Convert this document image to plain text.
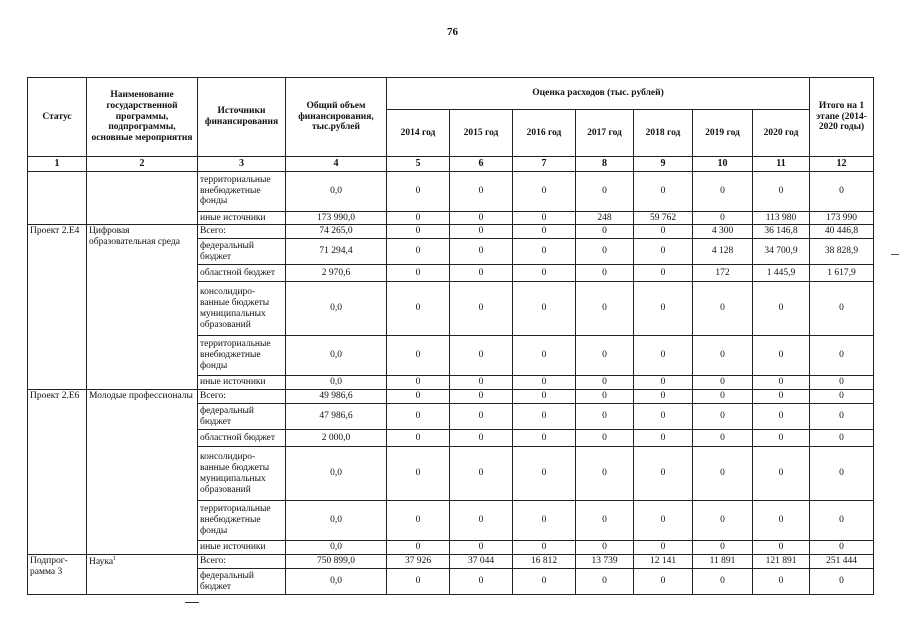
76
Статус	Наименование государственной программы, подпрограммы, основные мероприятия	Источники финансирования	Общий объем финансирования, тыс.рублей	Оценка расходов (тыс. рублей)							Итого на 1 этапе (2014-2020 годы)
				2014 год	2015 год	2016 год	2017 год	2018 год	2019 год	2020 год	
1	2	3	4	5	6	7	8	9	10	11	12
		территориальные внебюджетные фонды	0,0	0	0	0	0	0	0	0	0
		иные источники	173 990,0	0	0	0	248	59 762	0	113 980	173 990
Проект 2.Е4	Цифровая образовательная среда	Всего:	74 265,0	0	0	0	0	0	4 300	36 146,8	40 446,8
		федеральный бюджет	71 294,4	0	0	0	0	0	4 128	34 700,9	38 828,9
		областной бюджет	2 970,6	0	0	0	0	0	172	1 445,9	1 617,9
		консолидиро-ванные бюджеты муниципальных образований	0,0	0	0	0	0	0	0	0	0
		территориальные внебюджетные фонды	0,0	0	0	0	0	0	0	0	0
		иные источники	0,0	0	0	0	0	0	0	0	0
Проект 2.Е6	Молодые профессионалы	Всего:	49 986,6	0	0	0	0	0	0	0	0
		федеральный бюджет	47 986,6	0	0	0	0	0	0	0	0
		областной бюджет	2 000,0	0	0	0	0	0	0	0	0
		консолидиро-ванные бюджеты муниципальных образований	0,0	0	0	0	0	0	0	0	0
		территориальные внебюджетные фонды	0,0	0	0	0	0	0	0	0	0
		иные источники	0,0	0	0	0	0	0	0	0	0
Подпрог-рамма 3	Наука$^1$	Всего:	750 899,0	37 926	37 044	16 812	13 739	12 141	11 891	121 891	251 444
		федеральный бюджет	0,0	0	0	0	0	0	0	0	0
